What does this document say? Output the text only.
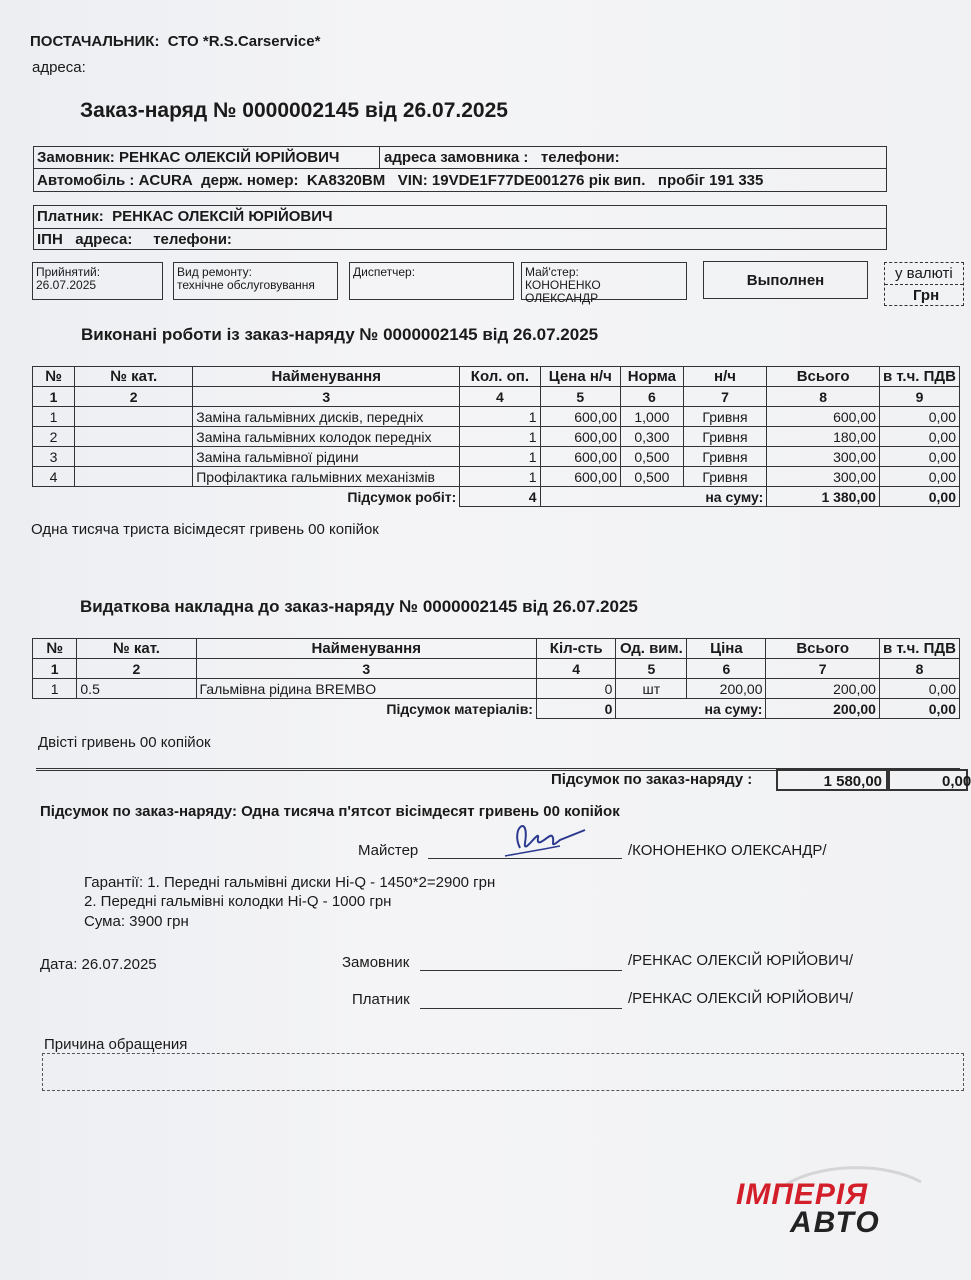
ПОСТАЧАЛЬНИК: СТО *R.S.Carservice*
адреса:
Заказ-наряд № 0000002145 від 26.07.2025
Замовник: РЕНКАС ОЛЕКСІЙ ЮРІЙОВИЧ	адреса замовника : телефони:
Автомобіль : ACURA держ. номер: KA8320BM VIN: 19VDE1F77DE001276 рік вип. пробіг 191 335
Платник: РЕНКАС ОЛЕКСІЙ ЮРІЙОВИЧ
ІПН адреса: телефони:
Прийнятий:
26.07.2025
Вид ремонту:
технічне обслуговування
Диспетчер:	Май'стер:
КОНОНЕНКО
ОЛЕКСАНДР
Выполнен	у валюті
Грн
Виконані роботи із заказ-наряду № 0000002145 від 26.07.2025
№	№ кат.	Найменування	Кол. оп.	Цена н/ч	Норма	н/ч	Всього	в т.ч. ПДВ
1	2	3	4	5	6	7	8	9
1		Заміна гальмівних дисків, передніх	1	600,00	1,000	Гривня	600,00	0,00
2		Заміна гальмівних колодок передніх	1	600,00	0,300	Гривня	180,00	0,00
3		Заміна гальмівної рідини	1	600,00	0,500	Гривня	300,00	0,00
4		Профілактика гальмівних механізмів	1	600,00	0,500	Гривня	300,00	0,00
Підсумок робіт:			4	на суму:			1 380,00	0,00
Одна тисяча триста вісімдесят гривень 00 копійок
Видаткова накладна до заказ-наряду № 0000002145 від 26.07.2025
№	№ кат.	Найменування	Кіл-сть	Од. вим.	Ціна	Всього	в т.ч. ПДВ
1	2	3	4	5	6	7	8
1	0.5	Гальмівна рідина BREMBO	0	шт	200,00	200,00	0,00
Підсумок матеріалів:			0	на суму:		200,00	0,00
Двісті гривень 00 копійок
Підсумок по заказ-наряду :	1 580,00	0,00
Підсумок по заказ-наряду: Одна тисяча п'ятсот вісімдесят гривень 00 копійок
Майстер	/КОНОНЕНКО ОЛЕКСАНДР/
Гарантії: 1. Передні гальмівні диски Hi-Q - 1450*2=2900 грн
2. Передні гальмівні колодки Hi-Q - 1000 грн
Сума: 3900 грн
Дата: 26.07.2025	Замовник	/РЕНКАС ОЛЕКСІЙ ЮРІЙОВИЧ/
Платник	/РЕНКАС ОЛЕКСІЙ ЮРІЙОВИЧ/
Причина обращения
ІМПЕРІЯ
АВТО
